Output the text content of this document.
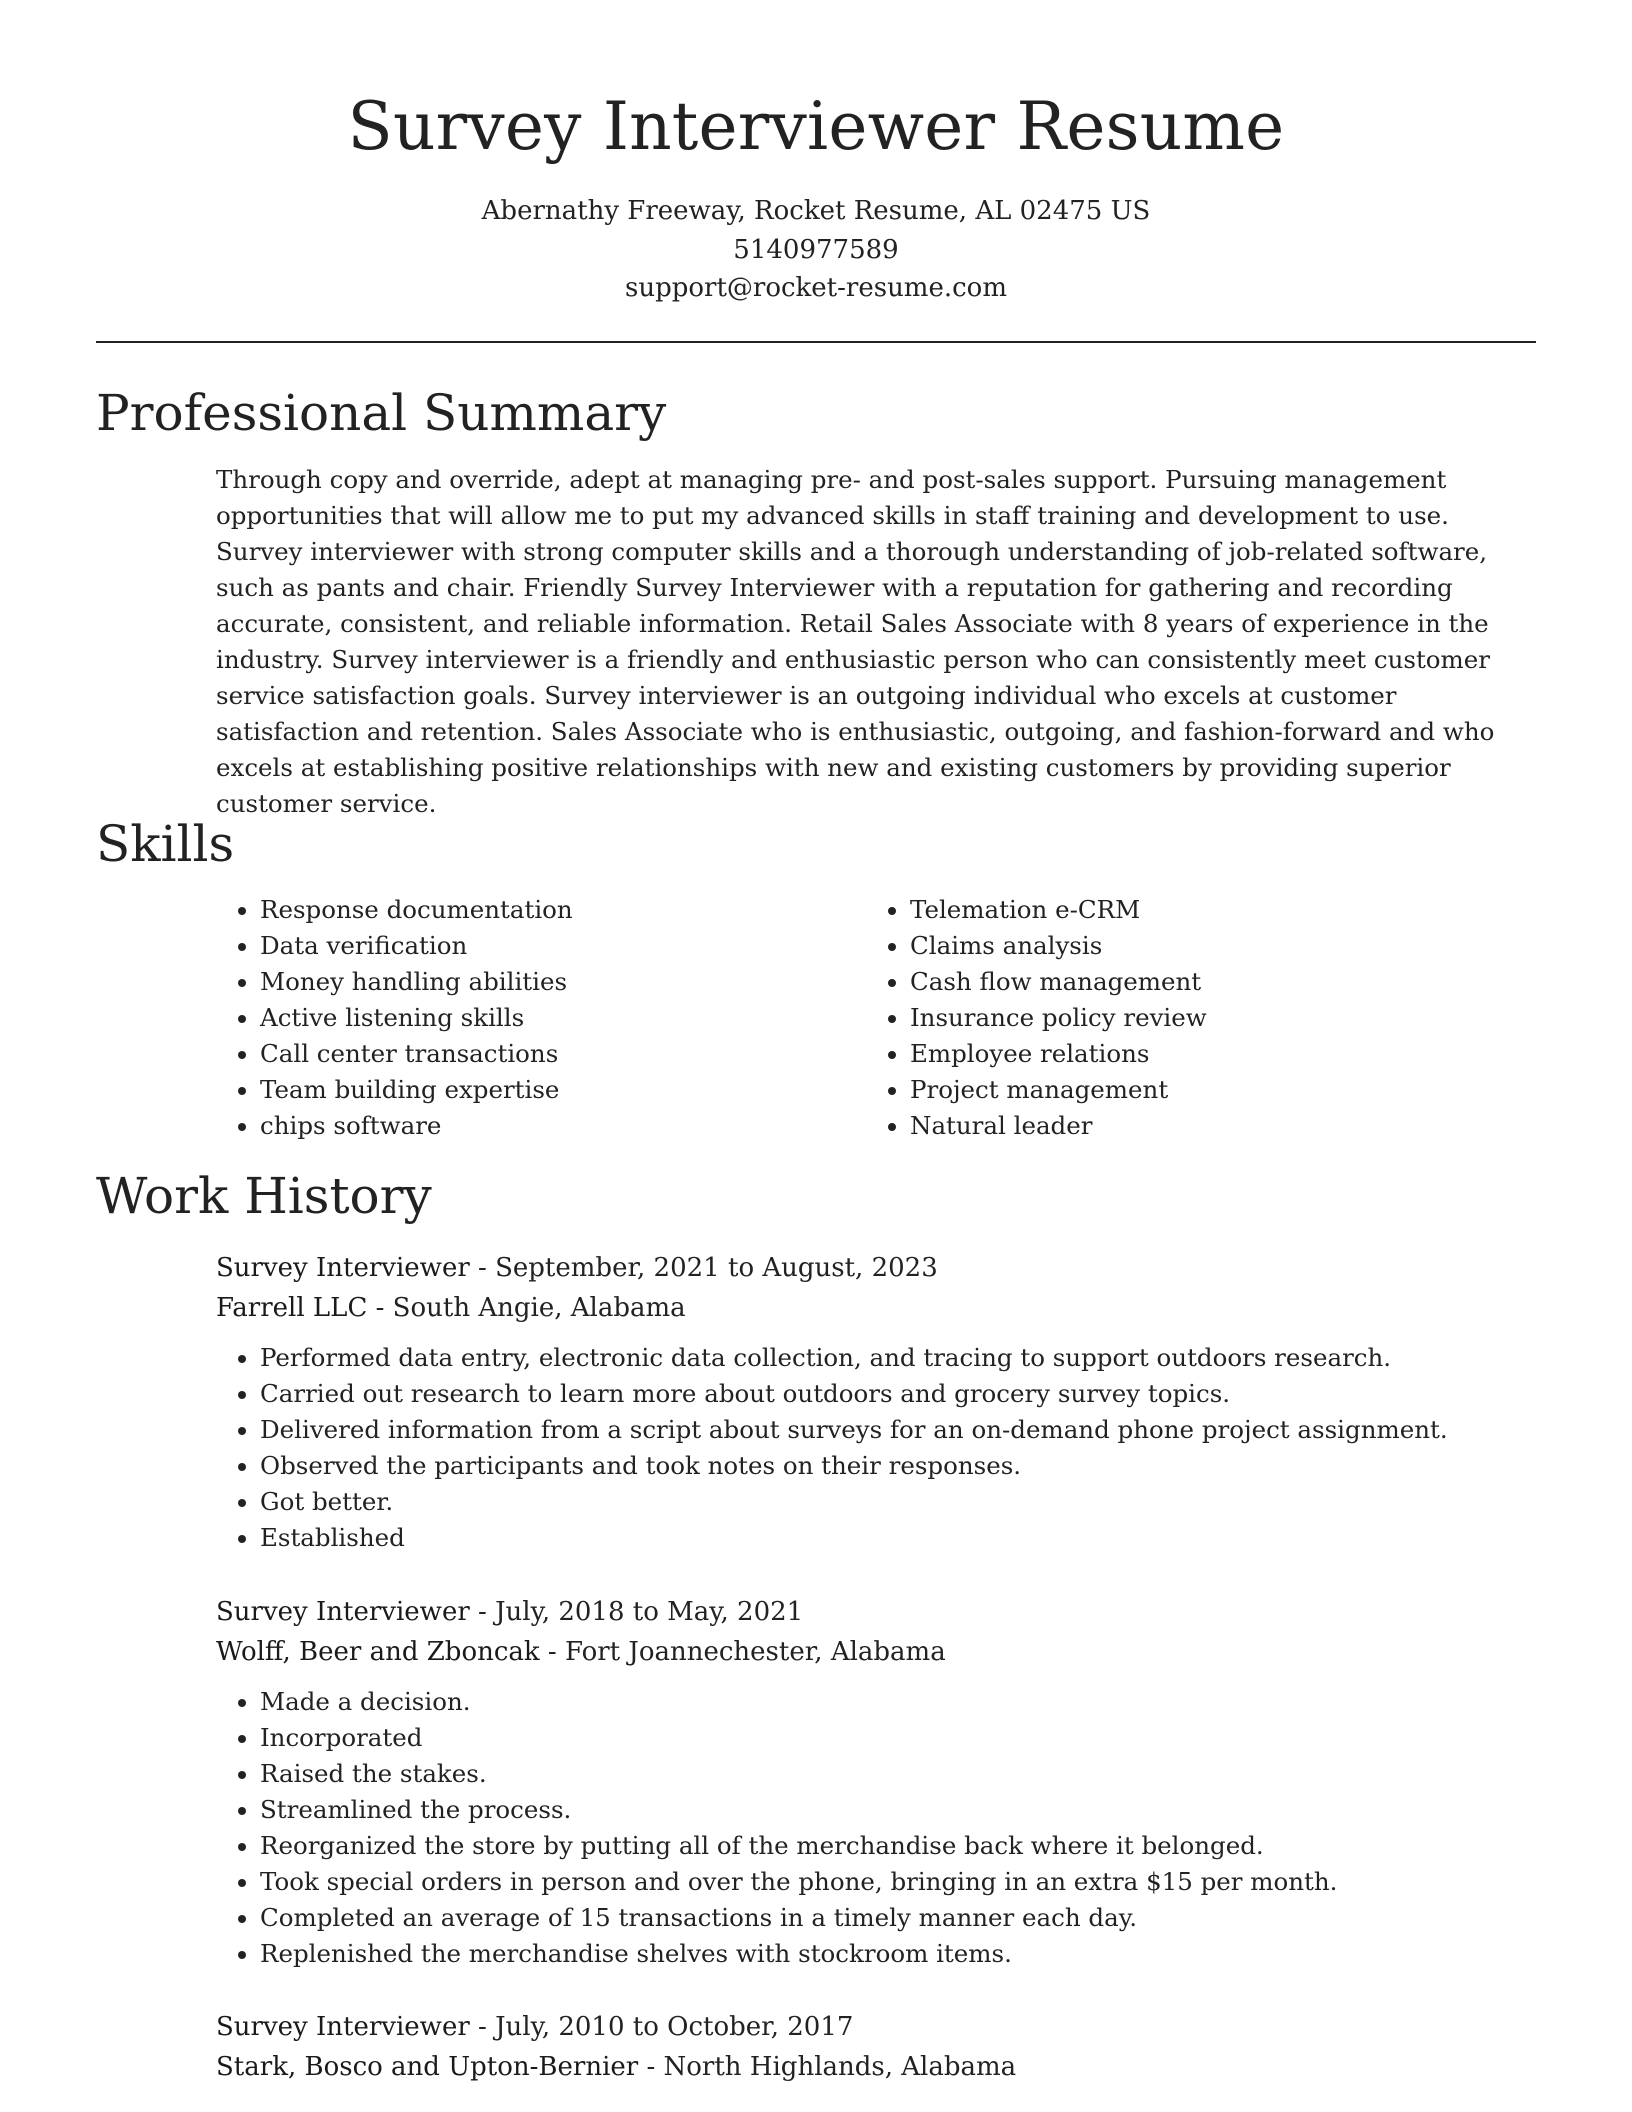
Survey Interviewer Resume
Abernathy Freeway, Rocket Resume, AL 02475 US
5140977589
support@rocket-resume.com
Professional Summary

Through copy and override, adept at managing pre- and post-sales support. Pursuing management opportunities that will allow me to put my advanced skills in staff training and development to use. Survey interviewer with strong computer skills and a thorough understanding of job-related software, such as pants and chair. Friendly Survey Interviewer with a reputation for gathering and recording accurate, consistent, and reliable information. Retail Sales Associate with 8 years of experience in the industry. Survey interviewer is a friendly and enthusiastic person who can consistently meet customer service satisfaction goals. Survey interviewer is an outgoing individual who excels at customer satisfaction and retention. Sales Associate who is enthusiastic, outgoing, and fashion-forward and who excels at establishing positive relationships with new and existing customers by providing superior customer service.

Skills
• Response documentation
• Data verification
• Money handling abilities
• Active listening skills
• Call center transactions
• Team building expertise
• chips software
• Telemation e-CRM
• Claims analysis
• Cash flow management
• Insurance policy review
• Employee relations
• Project management
• Natural leader
Work History
Survey Interviewer - September, 2021 to August, 2023
Farrell LLC - South Angie, Alabama
• Performed data entry, electronic data collection, and tracing to support outdoors research.
• Carried out research to learn more about outdoors and grocery survey topics.
• Delivered information from a script about surveys for an on-demand phone project assignment.
• Observed the participants and took notes on their responses.
• Got better.
• Established
Survey Interviewer - July, 2018 to May, 2021
Wolff, Beer and Zboncak - Fort Joannechester, Alabama
• Made a decision.
• Incorporated
• Raised the stakes.
• Streamlined the process.
• Reorganized the store by putting all of the merchandise back where it belonged.
• Took special orders in person and over the phone, bringing in an extra $15 per month.
• Completed an average of 15 transactions in a timely manner each day.
• Replenished the merchandise shelves with stockroom items.
Survey Interviewer - July, 2010 to October, 2017
Stark, Bosco and Upton-Bernier - North Highlands, Alabama
